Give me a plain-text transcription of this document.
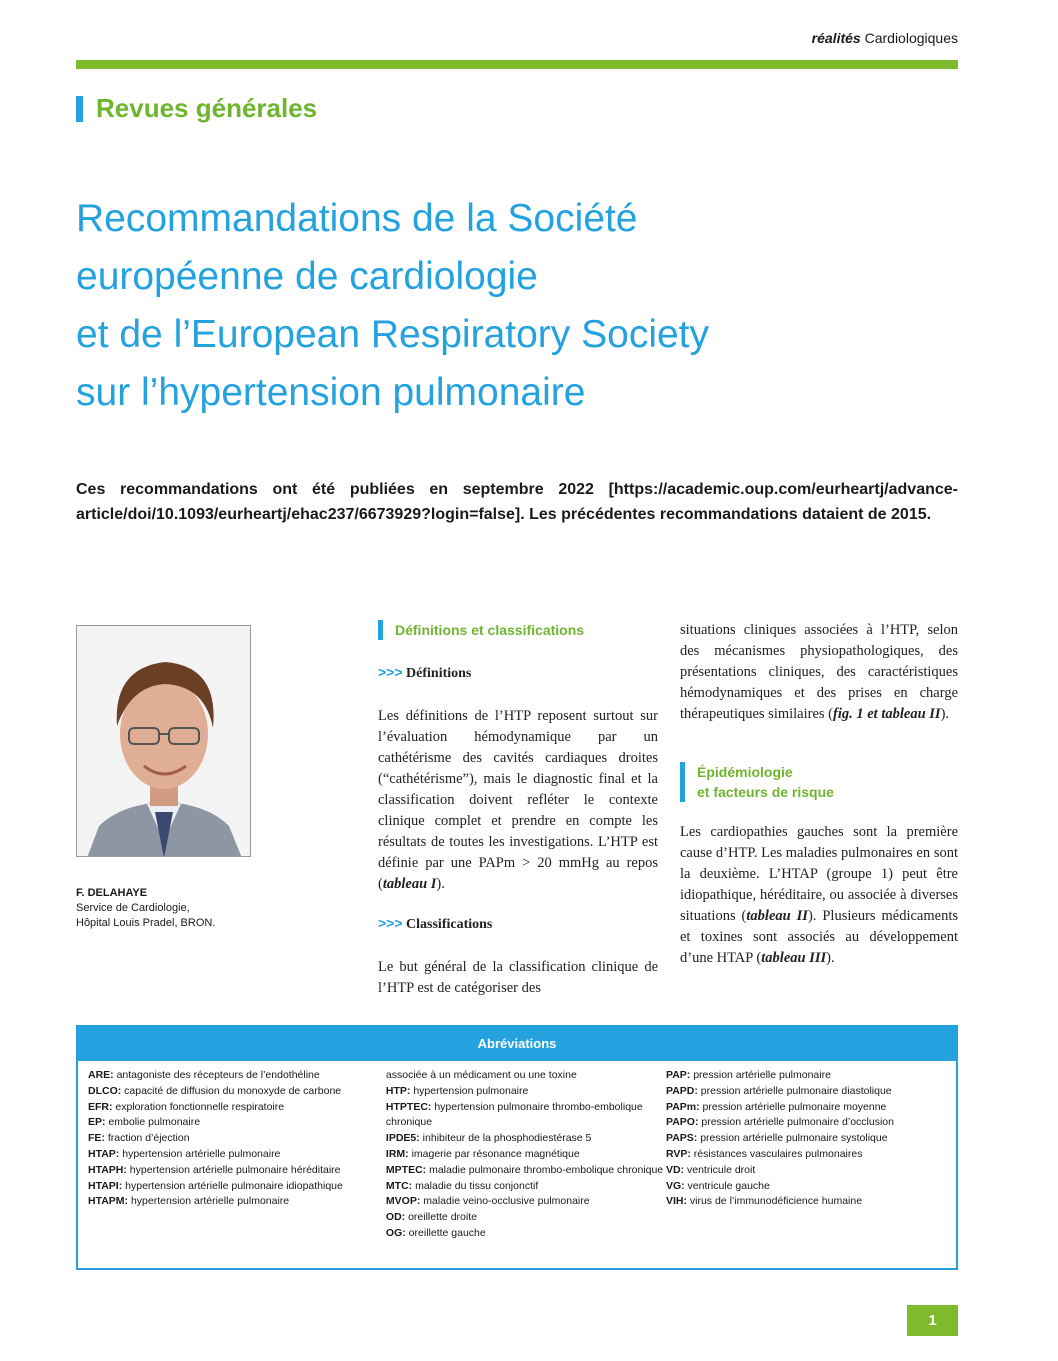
réalités Cardiologiques
Revues générales
Recommandations de la Société
européenne de cardiologie
et de l’European Respiratory Society
sur l’hypertension pulmonaire

Ces recommandations ont été publiées en septembre 2022 [https://academic.oup.com/eurheartj/advance-article/doi/10.1093/eurheartj/ehac237/6673929?login=false]. Les précédentes recommandations dataient de 2015.

F. DELAHAYE
Service de Cardiologie,
Hôpital Louis Pradel, BRON.
Définitions et classifications
>>> Définitions

Les définitions de l’HTP reposent surtout sur l’évaluation hémodynamique par un cathétérisme des cavités cardiaques droites (“cathétérisme”), mais le diagnostic final et la classification doivent refléter le contexte clinique complet et prendre en compte les résultats de toutes les investigations. L’HTP est définie par une PAPm > 20 mmHg au repos (tableau I).

>>> Classifications

Le but général de la classification clinique de l’HTP est de catégoriser des

situations cliniques associées à l’HTP, selon des mécanismes physiopathologiques, des présentations cliniques, des caractéristiques hémodynamiques et des prises en charge thérapeutiques similaires (fig. 1 et tableau II).

Épidémiologie
et facteurs de risque

Les cardiopathies gauches sont la première cause d’HTP. Les maladies pulmonaires en sont la deuxième. L’HTAP (groupe 1) peut être idiopathique, héréditaire, ou associée à diverses situations (tableau II). Plusieurs médicaments et toxines sont associés au développement d’une HTAP (tableau III).

Abréviations
ARE: antagoniste des récepteurs de l’endothéline
DLCO: capacité de diffusion du monoxyde de carbone
EFR: exploration fonctionnelle respiratoire
EP: embolie pulmonaire
FE: fraction d’éjection
HTAP: hypertension artérielle pulmonaire
HTAPH: hypertension artérielle pulmonaire héréditaire
HTAPI: hypertension artérielle pulmonaire idiopathique
HTAPM: hypertension artérielle pulmonaire
associée à un médicament ou une toxine
HTP: hypertension pulmonaire
HTPTEC: hypertension pulmonaire thrombo-embolique chronique
IPDE5: inhibiteur de la phosphodiestérase 5
IRM: imagerie par résonance magnétique
MPTEC: maladie pulmonaire thrombo-embolique chronique
MTC: maladie du tissu conjonctif
MVOP: maladie veino-occlusive pulmonaire
OD: oreillette droite
OG: oreillette gauche
PAP: pression artérielle pulmonaire
PAPD: pression artérielle pulmonaire diastolique
PAPm: pression artérielle pulmonaire moyenne
PAPO: pression artérielle pulmonaire d’occlusion
PAPS: pression artérielle pulmonaire systolique
RVP: résistances vasculaires pulmonaires
VD: ventricule droit
VG: ventricule gauche
VIH: virus de l’immunodéficience humaine
1
